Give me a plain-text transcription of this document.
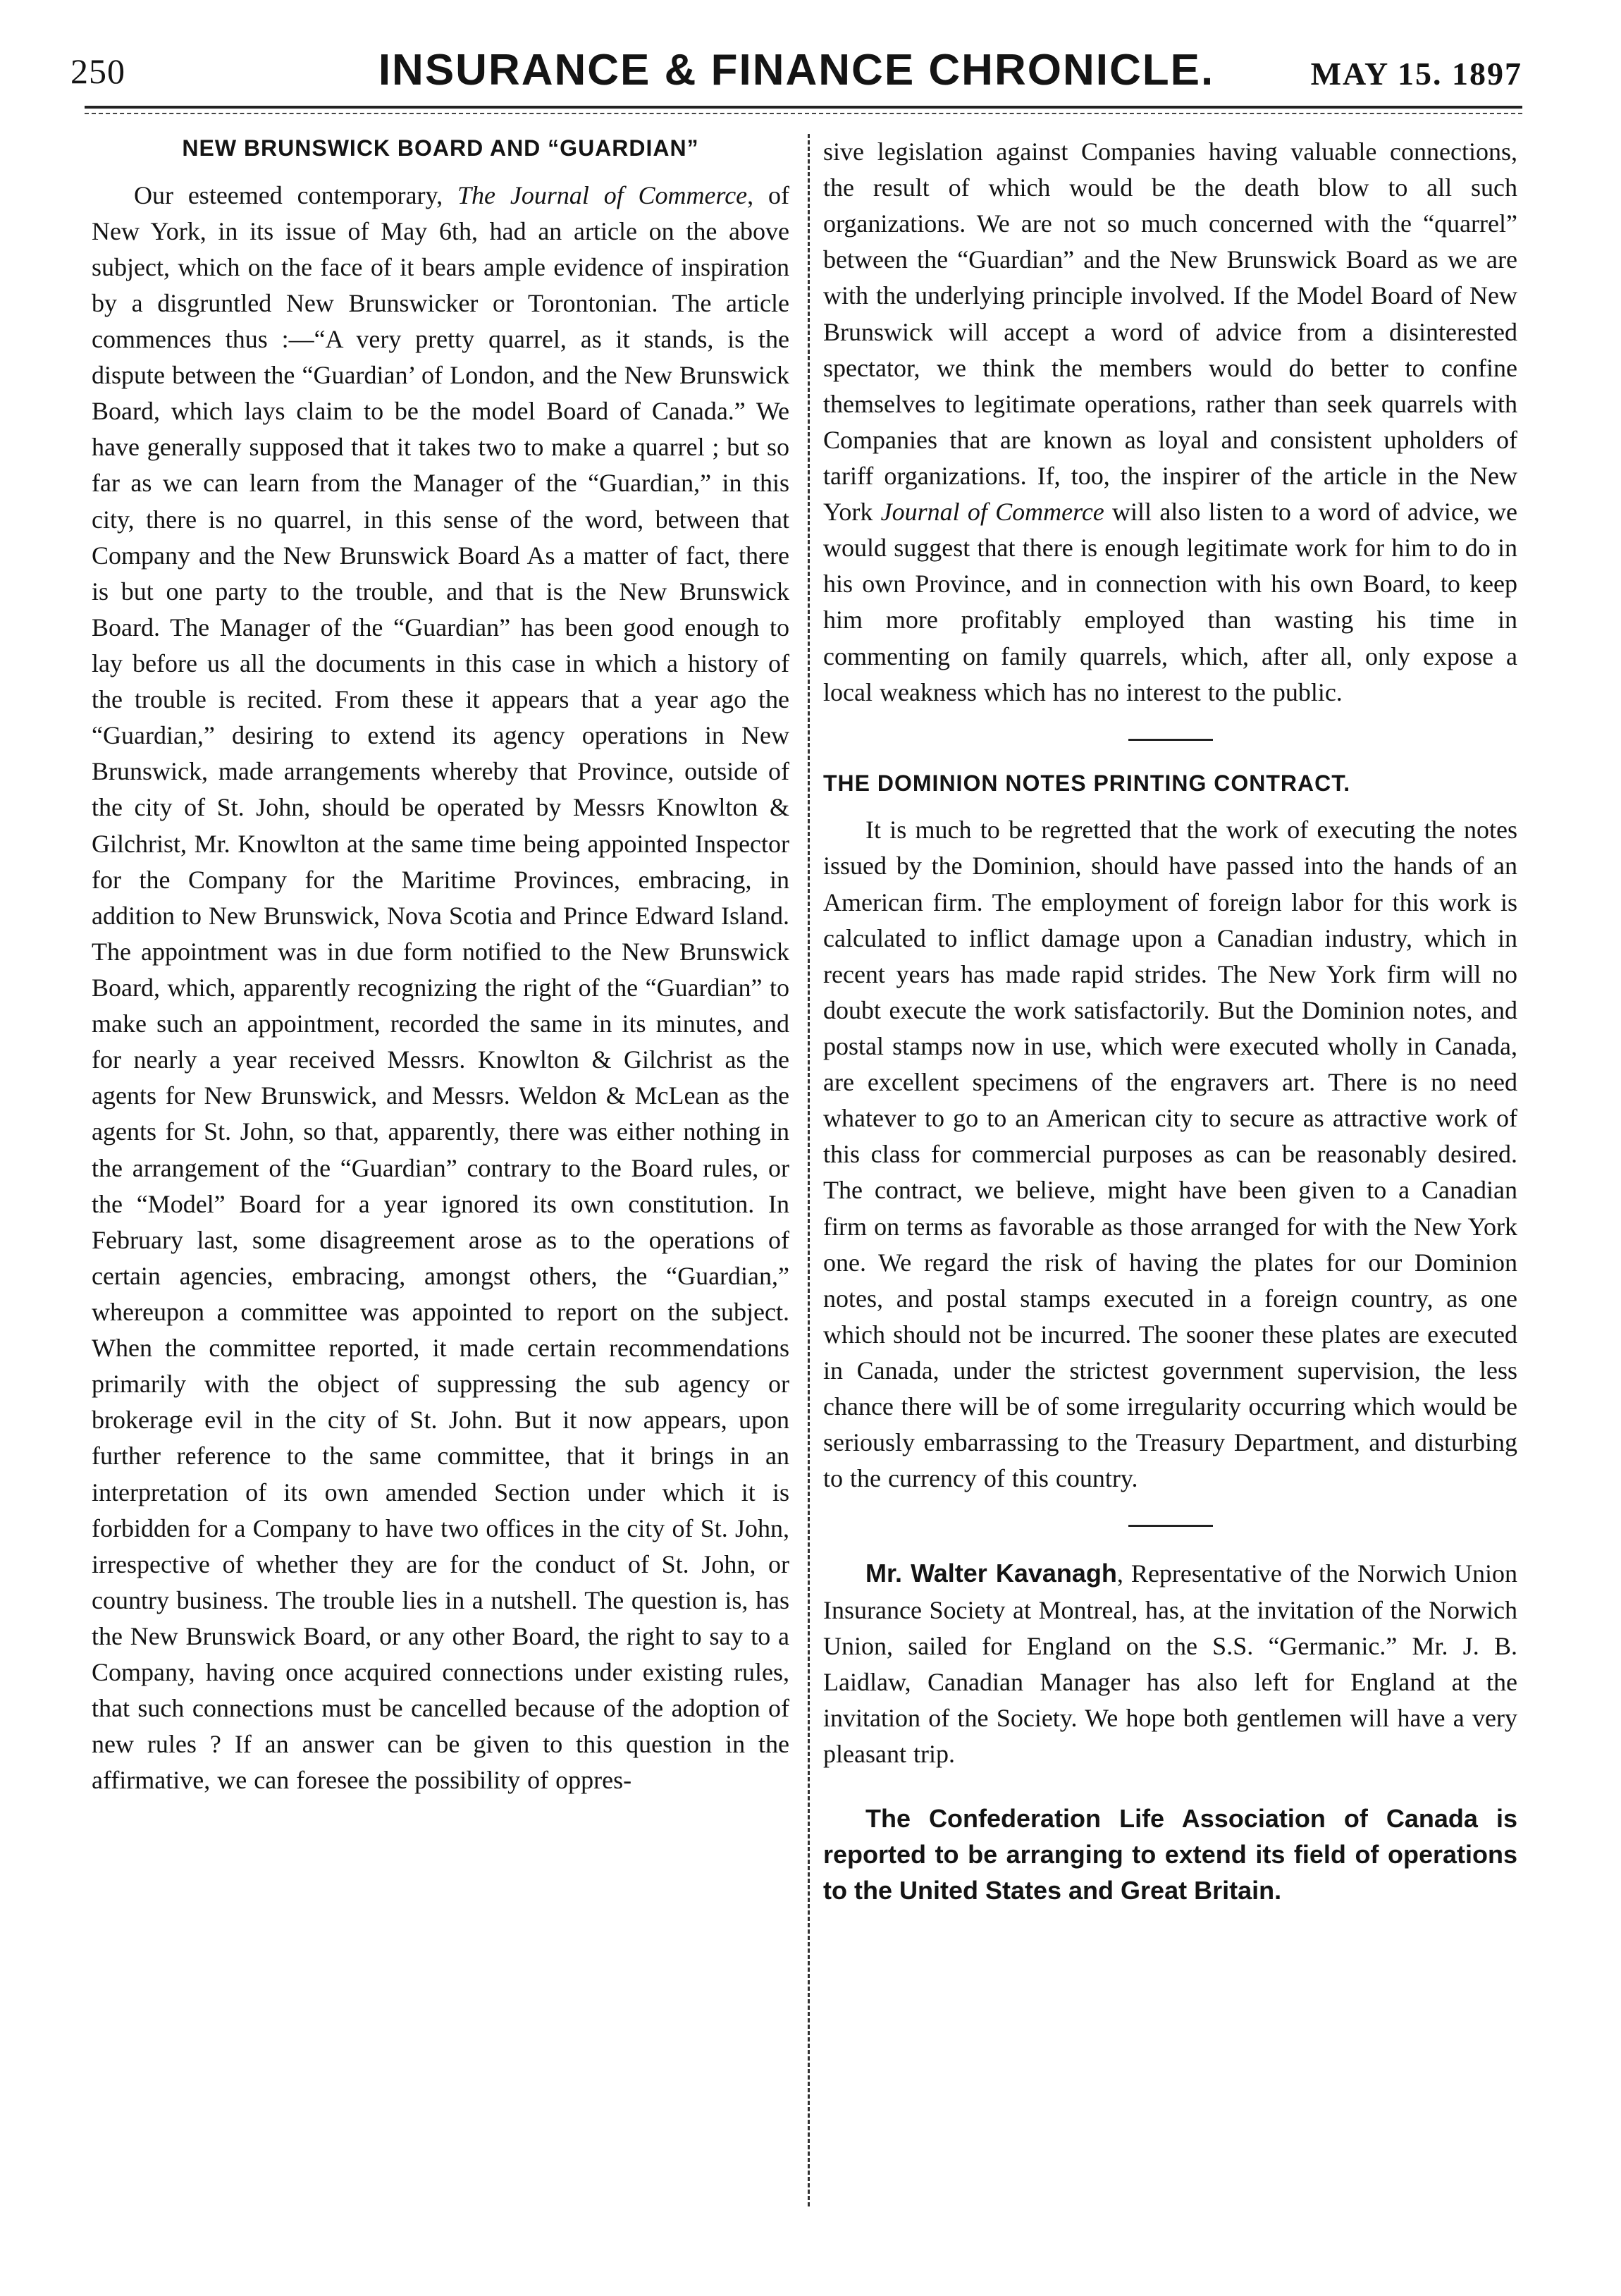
250	INSURANCE & FINANCE CHRONICLE.	MAY 15. 1897
NEW BRUNSWICK BOARD AND “GUARDIAN”

Our esteemed contemporary, The Journal of Commerce, of New York, in its issue of May 6th, had an article on the above subject, which on the face of it bears ample evidence of inspiration by a disgruntled New Brunswicker or Torontonian. The article commences thus :—“A very pretty quarrel, as it stands, is the dispute between the “Guardian’ of London, and the New Brunswick Board, which lays claim to be the model Board of Canada.” We have generally supposed that it takes two to make a quarrel ; but so far as we can learn from the Manager of the “Guardian,” in this city, there is no quarrel, in this sense of the word, between that Company and the New Brunswick Board As a matter of fact, there is but one party to the trouble, and that is the New Brunswick Board. The Manager of the “Guardian” has been good enough to lay before us all the documents in this case in which a history of the trouble is recited. From these it appears that a year ago the “Guardian,” desiring to extend its agency operations in New Brunswick, made arrangements whereby that Province, outside of the city of St. John, should be operated by Messrs Knowlton & Gilchrist, Mr. Knowlton at the same time being appointed Inspector for the Company for the Maritime Provinces, embracing, in addition to New Brunswick, Nova Scotia and Prince Edward Island. The appointment was in due form notified to the New Brunswick Board, which, apparently recognizing the right of the “Guardian” to make such an appointment, recorded the same in its minutes, and for nearly a year received Messrs. Knowlton & Gilchrist as the agents for New Brunswick, and Messrs. Weldon & McLean as the agents for St. John, so that, apparently, there was either nothing in the arrangement of the “Guardian” contrary to the Board rules, or the “Model” Board for a year ignored its own constitution. In February last, some disagreement arose as to the operations of certain agencies, embracing, amongst others, the “Guardian,” whereupon a committee was appointed to report on the subject. When the committee reported, it made certain recommendations primarily with the object of suppressing the sub agency or brokerage evil in the city of St. John. But it now appears, upon further reference to the same committee, that it brings in an interpretation of its own amended Section under which it is forbidden for a Company to have two offices in the city of St. John, irrespective of whether they are for the conduct of St. John, or country business. The trouble lies in a nutshell. The question is, has the New Brunswick Board, or any other Board, the right to say to a Company, having once acquired connections under existing rules, that such connections must be cancelled because of the adoption of new rules ? If an answer can be given to this question in the affirmative, we can foresee the possibility of oppres-

sive legislation against Companies having valuable connections, the result of which would be the death blow to all such organizations. We are not so much concerned with the “quarrel” between the “Guardian” and the New Brunswick Board as we are with the underlying principle involved. If the Model Board of New Brunswick will accept a word of advice from a disinterested spectator, we think the members would do better to confine themselves to legitimate operations, rather than seek quarrels with Companies that are known as loyal and consistent upholders of tariff organizations. If, too, the inspirer of the article in the New York Journal of Commerce will also listen to a word of advice, we would suggest that there is enough legitimate work for him to do in his own Province, and in connection with his own Board, to keep him more profitably employed than wasting his time in commenting on family quarrels, which, after all, only expose a local weakness which has no interest to the public.

THE DOMINION NOTES PRINTING CONTRACT.

It is much to be regretted that the work of executing the notes issued by the Dominion, should have passed into the hands of an American firm. The employment of foreign labor for this work is calculated to inflict damage upon a Canadian industry, which in recent years has made rapid strides. The New York firm will no doubt execute the work satisfactorily. But the Dominion notes, and postal stamps now in use, which were executed wholly in Canada, are excellent specimens of the engravers art. There is no need whatever to go to an American city to secure as attractive work of this class for commercial purposes as can be reasonably desired. The contract, we believe, might have been given to a Canadian firm on terms as favorable as those arranged for with the New York one. We regard the risk of having the plates for our Dominion notes, and postal stamps executed in a foreign country, as one which should not be incurred. The sooner these plates are executed in Canada, under the strictest government supervision, the less chance there will be of some irregularity occurring which would be seriously embarrassing to the Treasury Department, and disturbing to the currency of this country.

Mr. Walter Kavanagh, Representative of the Norwich Union Insurance Society at Montreal, has, at the invitation of the Norwich Union, sailed for England on the S.S. “Germanic.” Mr. J. B. Laidlaw, Canadian Manager has also left for England at the invitation of the Society. We hope both gentlemen will have a very pleasant trip.

The Confederation Life Association of Canada is reported to be arranging to extend its field of operations to the United States and Great Britain.
